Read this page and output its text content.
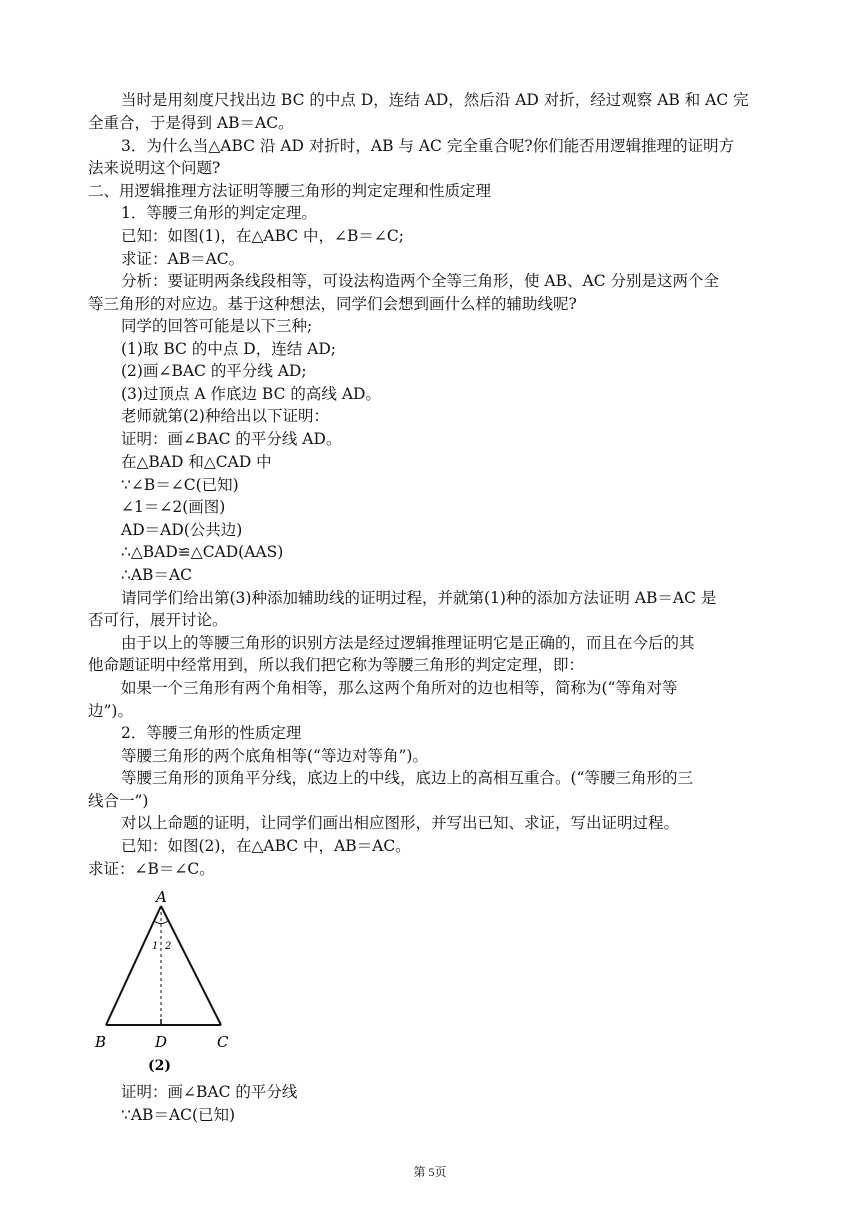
当时是用刻度尺找出边 BC 的中点 D，连结 AD，然后沿 AD 对折，经过观察 AB 和 AC 完
全重合，于是得到 AB＝AC。
3．为什么当△ABC 沿 AD 对折时，AB 与 AC 完全重合呢?你们能否用逻辑推理的证明方
法来说明这个问题?
二、用逻辑推理方法证明等腰三角形的判定定理和性质定理
1．等腰三角形的判定定理。
已知：如图(1)，在△ABC 中，∠B＝∠C;
求证：AB＝AC。
分析：要证明两条线段相等，可设法构造两个全等三角形，使 AB、AC 分别是这两个全
等三角形的对应边。基于这种想法，同学们会想到画什么样的辅助线呢?
同学的回答可能是以下三种;
(1)取 BC 的中点 D，连结 AD;
(2)画∠BAC 的平分线 AD;
(3)过顶点 A 作底边 BC 的高线 AD。
老师就第(2)种给出以下证明：
证明：画∠BAC 的平分线 AD。
在△BAD 和△CAD 中
∵∠B＝∠C(已知)
∠1＝∠2(画图)
AD＝AD(公共边)
∴△BAD≌△CAD(AAS)
∴AB＝AC
请同学们给出第(3)种添加辅助线的证明过程，并就第(1)种的添加方法证明 AB＝AC 是
否可行，展开讨论。
由于以上的等腰三角形的识别方法是经过逻辑推理证明它是正确的，而且在今后的其
他命题证明中经常用到，所以我们把它称为等腰三角形的判定定理，即：
如果一个三角形有两个角相等，那么这两个角所对的边也相等，简称为(“等角对等
边”)。
2．等腰三角形的性质定理
等腰三角形的两个底角相等(“等边对等角”)。
等腰三角形的顶角平分线，底边上的中线，底边上的高相互重合。(“等腰三角形的三
线合一”)
对以上命题的证明，让同学们画出相应图形，并写出已知、求证，写出证明过程。
已知：如图(2)，在△ABC 中，AB＝AC。
求证：∠B＝∠C。
A
1 2
B	D	C
(2)
证明：画∠BAC 的平分线
∵AB＝AC(已知)
第 5页
